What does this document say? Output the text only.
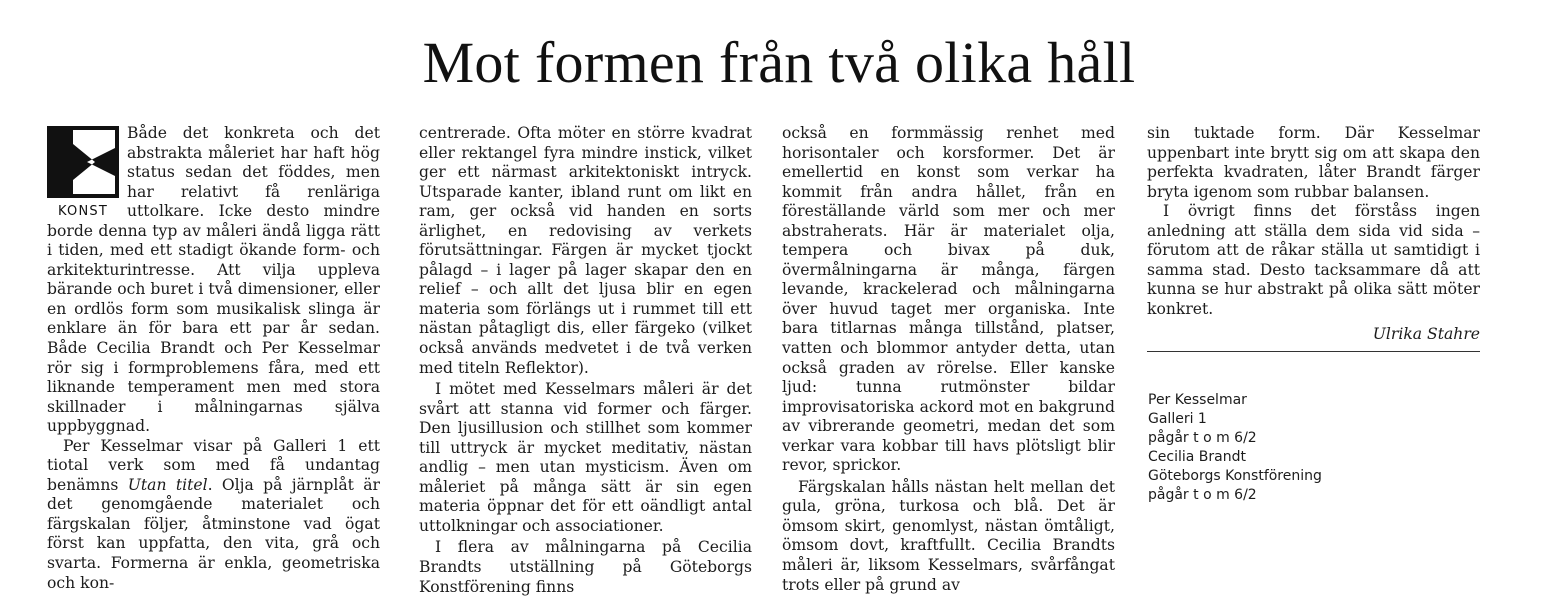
Mot formen från två olika håll
KONST

Både det konkreta och det abstrakta måleriet har haft hög status sedan det föddes, men har relativt få renläriga uttolkare. Icke desto mindre borde denna typ av måleri ändå ligga rätt i tiden, med ett stadigt ökande form- och arkitekturintresse. Att vilja uppleva bärande och buret i två dimensioner, eller en ordlös form som musikalisk slinga är enklare än för bara ett par år sedan. Både Cecilia Brandt och Per Kesselmar rör sig i formproblemens fåra, med ett liknande temperament men med stora skillnader i målningarnas själva uppbyggnad.

Per Kesselmar visar på Galleri 1 ett tiotal verk som med få undantag benämns Utan titel. Olja på järnplåt är det genomgående materialet och färgskalan följer, åtminstone vad ögat först kan uppfatta, den vita, grå och svarta. Formerna är enkla, geometriska och kon-

centrerade. Ofta möter en större kvadrat eller rektangel fyra mindre instick, vilket ger ett närmast arkitektoniskt intryck. Utsparade kanter, ibland runt om likt en ram, ger också vid handen en sorts ärlighet, en redovising av verkets förutsättningar. Färgen är mycket tjockt pålagd – i lager på lager skapar den en relief – och allt det ljusa blir en egen materia som förlängs ut i rummet till ett nästan påtagligt dis, eller färgeko (vilket också används medvetet i de två verken med titeln Reflektor).

I mötet med Kesselmars måleri är det svårt att stanna vid former och färger. Den ljusillusion och stillhet som kommer till uttryck är mycket meditativ, nästan andlig – men utan mysticism. Även om måleriet på många sätt är sin egen materia öppnar det för ett oändligt antal uttolkningar och associationer.

I flera av målningarna på Cecilia Brandts utställning på Göteborgs Konstförening finns

också en formmässig renhet med horisontaler och korsformer. Det är emellertid en konst som verkar ha kommit från andra hållet, från en föreställande värld som mer och mer abstraherats. Här är materialet olja, tempera och bivax på duk, övermålningarna är många, färgen levande, krackelerad och målningarna över huvud taget mer organiska. Inte bara titlarnas många tillstånd, platser, vatten och blommor antyder detta, utan också graden av rörelse. Eller kanske ljud: tunna rutmönster bildar improvisatoriska ackord mot en bakgrund av vibrerande geometri, medan det som verkar vara kobbar till havs plötsligt blir revor, sprickor.

Färgskalan hålls nästan helt mellan det gula, gröna, turkosa och blå. Det är ömsom skirt, genomlyst, nästan ömtåligt, ömsom dovt, kraftfullt. Cecilia Brandts måleri är, liksom Kesselmars, svårfångat trots eller på grund av

sin tuktade form. Där Kesselmar uppenbart inte brytt sig om att skapa den perfekta kvadraten, låter Brandt färger bryta igenom som rubbar balansen.

I övrigt finns det förståss ingen anledning att ställa dem sida vid sida – förutom att de råkar ställa ut samtidigt i samma stad. Desto tacksammare då att kunna se hur abstrakt på olika sätt möter konkret.

Ulrika Stahre
Per Kesselmar
Galleri 1
pågår t o m 6/2
Cecilia Brandt
Göteborgs Konstförening
pågår t o m 6/2
